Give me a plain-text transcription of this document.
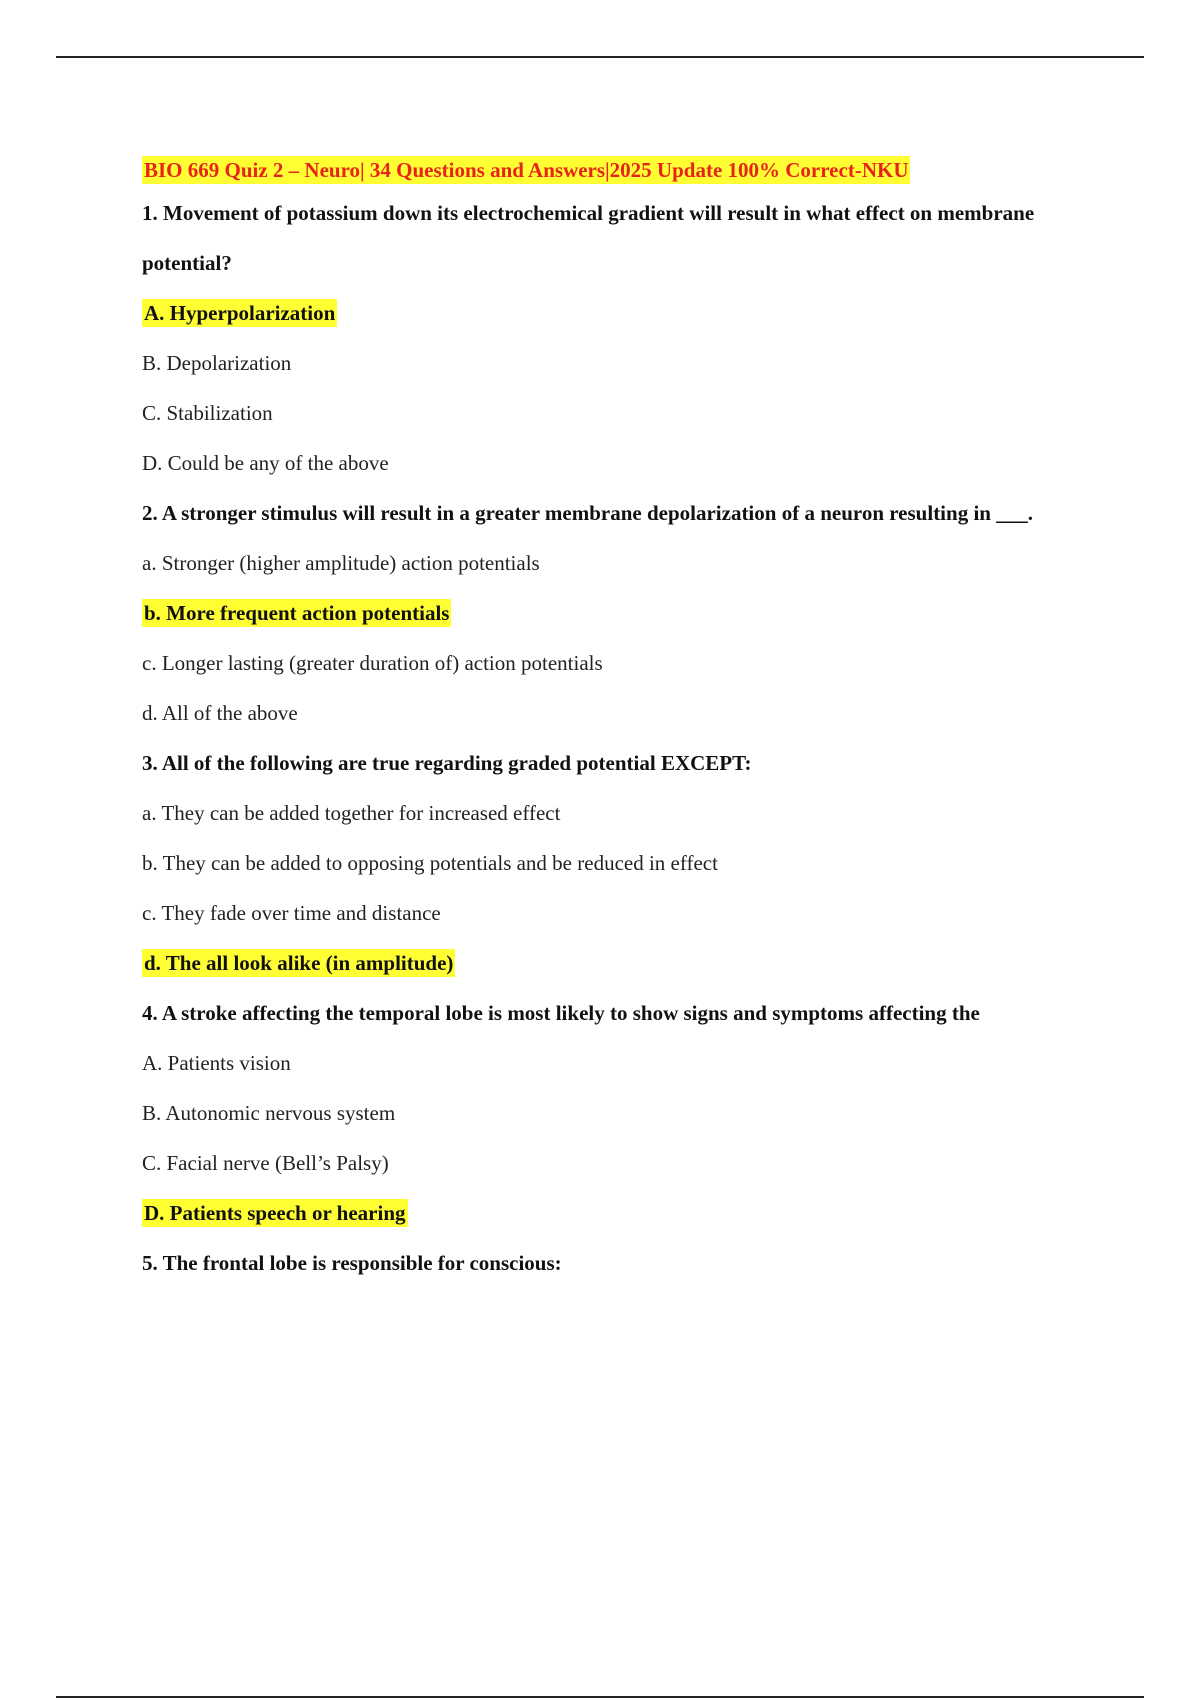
BIO 669 Quiz 2 – Neuro| 34 Questions and Answers|2025 Update 100% Correct-NKU
1. Movement of potassium down its electrochemical gradient will result in what effect on membrane
potential?
A. Hyperpolarization
B. Depolarization
C. Stabilization
D. Could be any of the above
2. A stronger stimulus will result in a greater membrane depolarization of a neuron resulting in ___.
a. Stronger (higher amplitude) action potentials
b. More frequent action potentials
c. Longer lasting (greater duration of) action potentials
d. All of the above
3. All of the following are true regarding graded potential EXCEPT:
a. They can be added together for increased effect
b. They can be added to opposing potentials and be reduced in effect
c. They fade over time and distance
d. The all look alike (in amplitude)
4. A stroke affecting the temporal lobe is most likely to show signs and symptoms affecting the
A. Patients vision
B. Autonomic nervous system
C. Facial nerve (Bell’s Palsy)
D. Patients speech or hearing
5. The frontal lobe is responsible for conscious:
